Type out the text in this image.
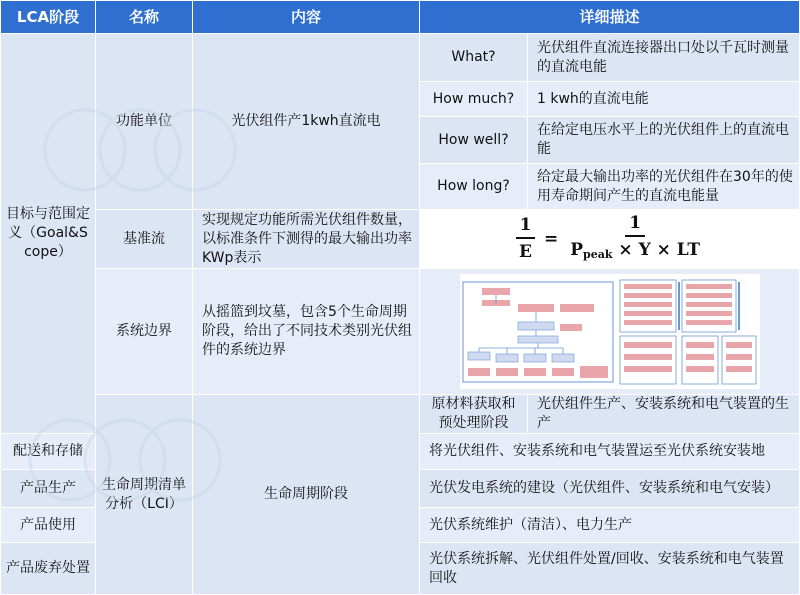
LCA阶段	名称	内容	详细描述	
目标与范围定义（Goal&Scope）	功能单位	光伏组件产1kwh直流电	What?	光伏组件直流连接器出口处以千瓦时测量的直流电能
			How much?	1 kwh的直流电能
			How well?	在给定电压水平上的光伏组件上的直流电能
			How long?	给定最大输出功率的光伏组件在30年的使用寿命期间产生的直流电能量
	基准流	实现规定功能所需光伏组件数量，以标准条件下测得的最大输出功率KWp表示	$\frac{1}{E} = \frac{1}{P_{peak} \times Y \times LT}$

	系统边界	从摇篮到坟墓，包含5个生命周期阶段，给出了不同技术类别光伏组件的系统边界	

	生命周期清单分析（LCI）	生命周期阶段	原材料获取和预处理阶段	光伏组件生产、安装系统和电气装置的生产
配送和存储			将光伏组件、安装系统和电气装置运至光伏系统安装地	
产品生产			光伏发电系统的建设（光伏组件、安装系统和电气安装）	
产品使用			光伏系统维护（清洁）、电力生产	
产品废弃处置			光伏系统拆解、光伏组件处置/回收、安装系统和电气装置回收	
